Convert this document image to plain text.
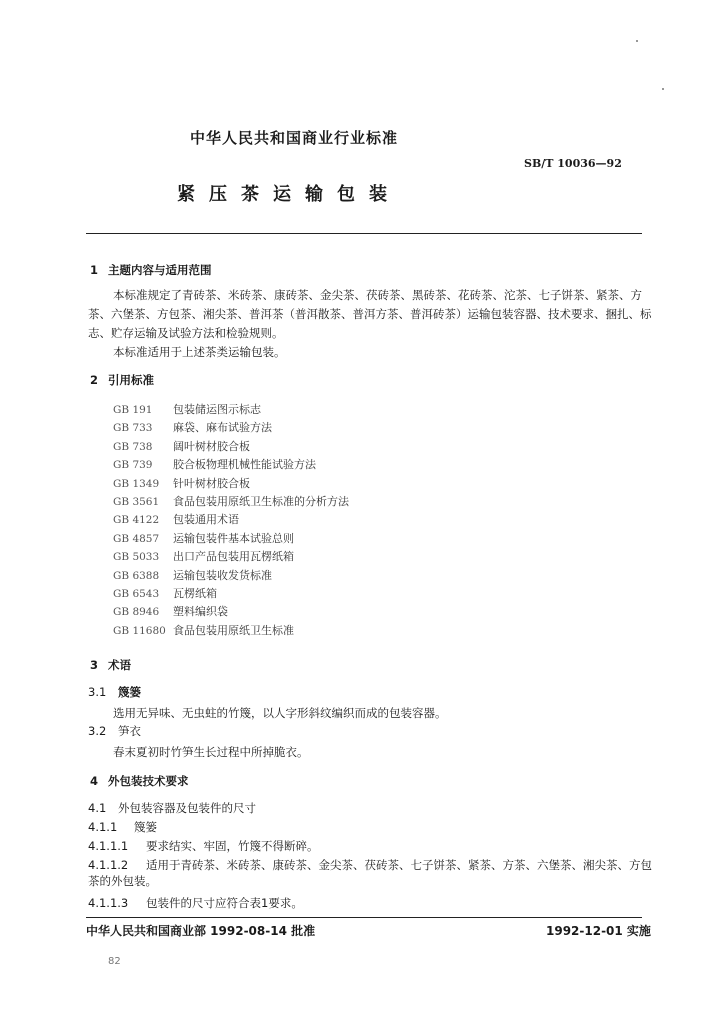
中华人民共和国商业行业标准
SB/T 10036—92
紧压茶运输包装
1 主题内容与适用范围
本标准规定了青砖茶、米砖茶、康砖茶、金尖茶、茯砖茶、黑砖茶、花砖茶、沱茶、七子饼茶、紧茶、方
茶、六堡茶、方包茶、湘尖茶、普洱茶（普洱散茶、普洱方茶、普洱砖茶）运输包装容器、技术要求、捆扎、标
志、贮存运输及试验方法和检验规则。
本标准适用于上述茶类运输包装。
2 引用标准
GB 191 包装储运图示标志
GB 733 麻袋、麻布试验方法
GB 738 阔叶树材胶合板
GB 739 胶合板物理机械性能试验方法
GB 1349 针叶树材胶合板
GB 3561 食品包装用原纸卫生标准的分析方法
GB 4122 包装通用术语
GB 4857 运输包装件基本试验总则
GB 5033 出口产品包装用瓦楞纸箱
GB 6388 运输包装收发货标准
GB 6543 瓦楞纸箱
GB 8946 塑料编织袋
GB 11680 食品包装用原纸卫生标准
3 术语
3.1 篾篓
选用无异味、无虫蛀的竹篾，以人字形斜纹编织而成的包装容器。
3.2 笋衣
春末夏初时竹笋生长过程中所掉脆衣。
4 外包装技术要求
4.1 外包装容器及包装件的尺寸
4.1.1 篾篓
4.1.1.1 要求结实、牢固，竹篾不得断碎。
4.1.1.2 适用于青砖茶、米砖茶、康砖茶、金尖茶、茯砖茶、七子饼茶、紧茶、方茶、六堡茶、湘尖茶、方包
茶的外包装。
4.1.1.3 包装件的尺寸应符合表1要求。
中华人民共和国商业部 1992-08-14 批准	1992-12-01 实施
82
